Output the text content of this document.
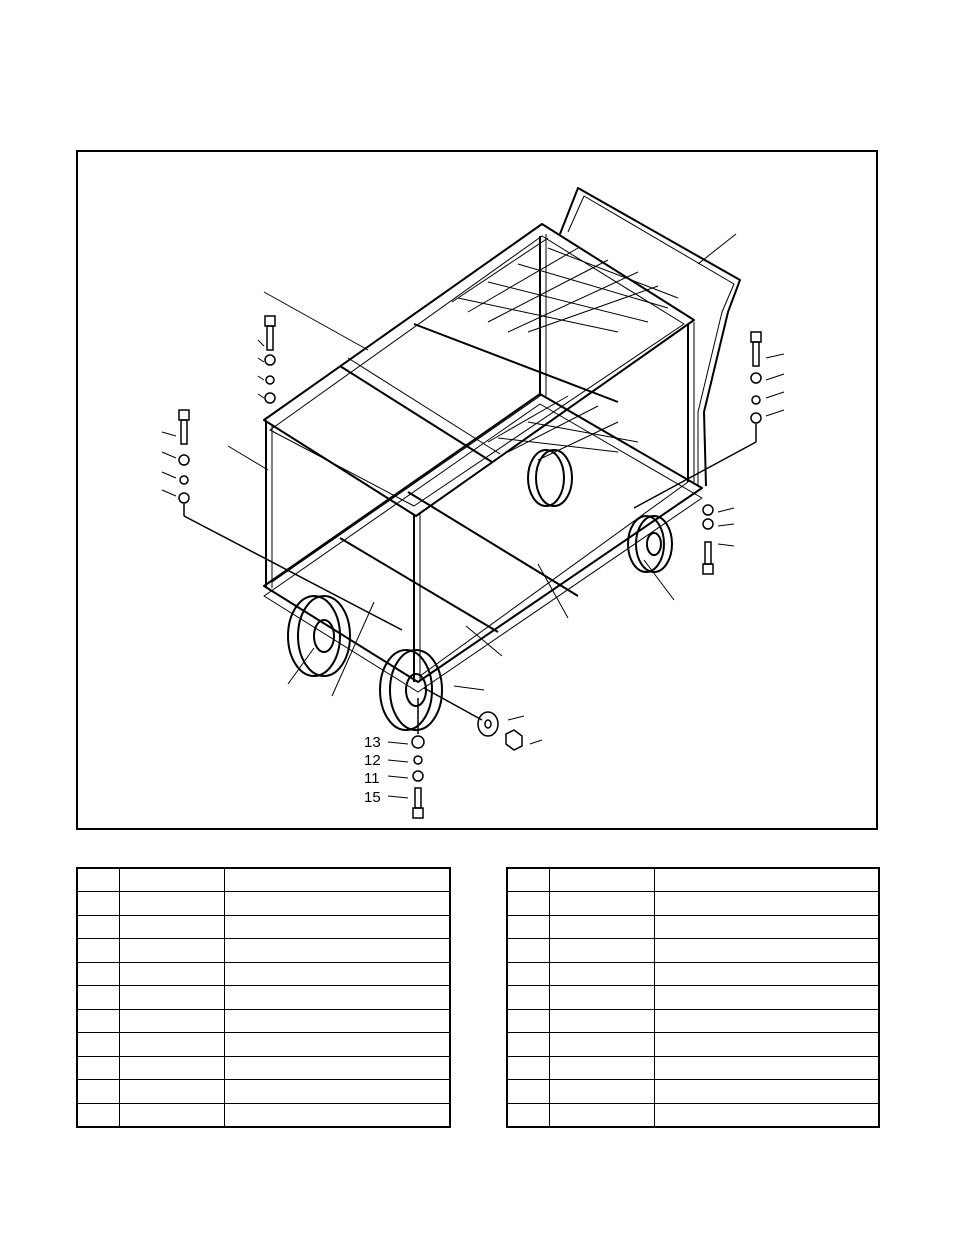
13
12
11
15
